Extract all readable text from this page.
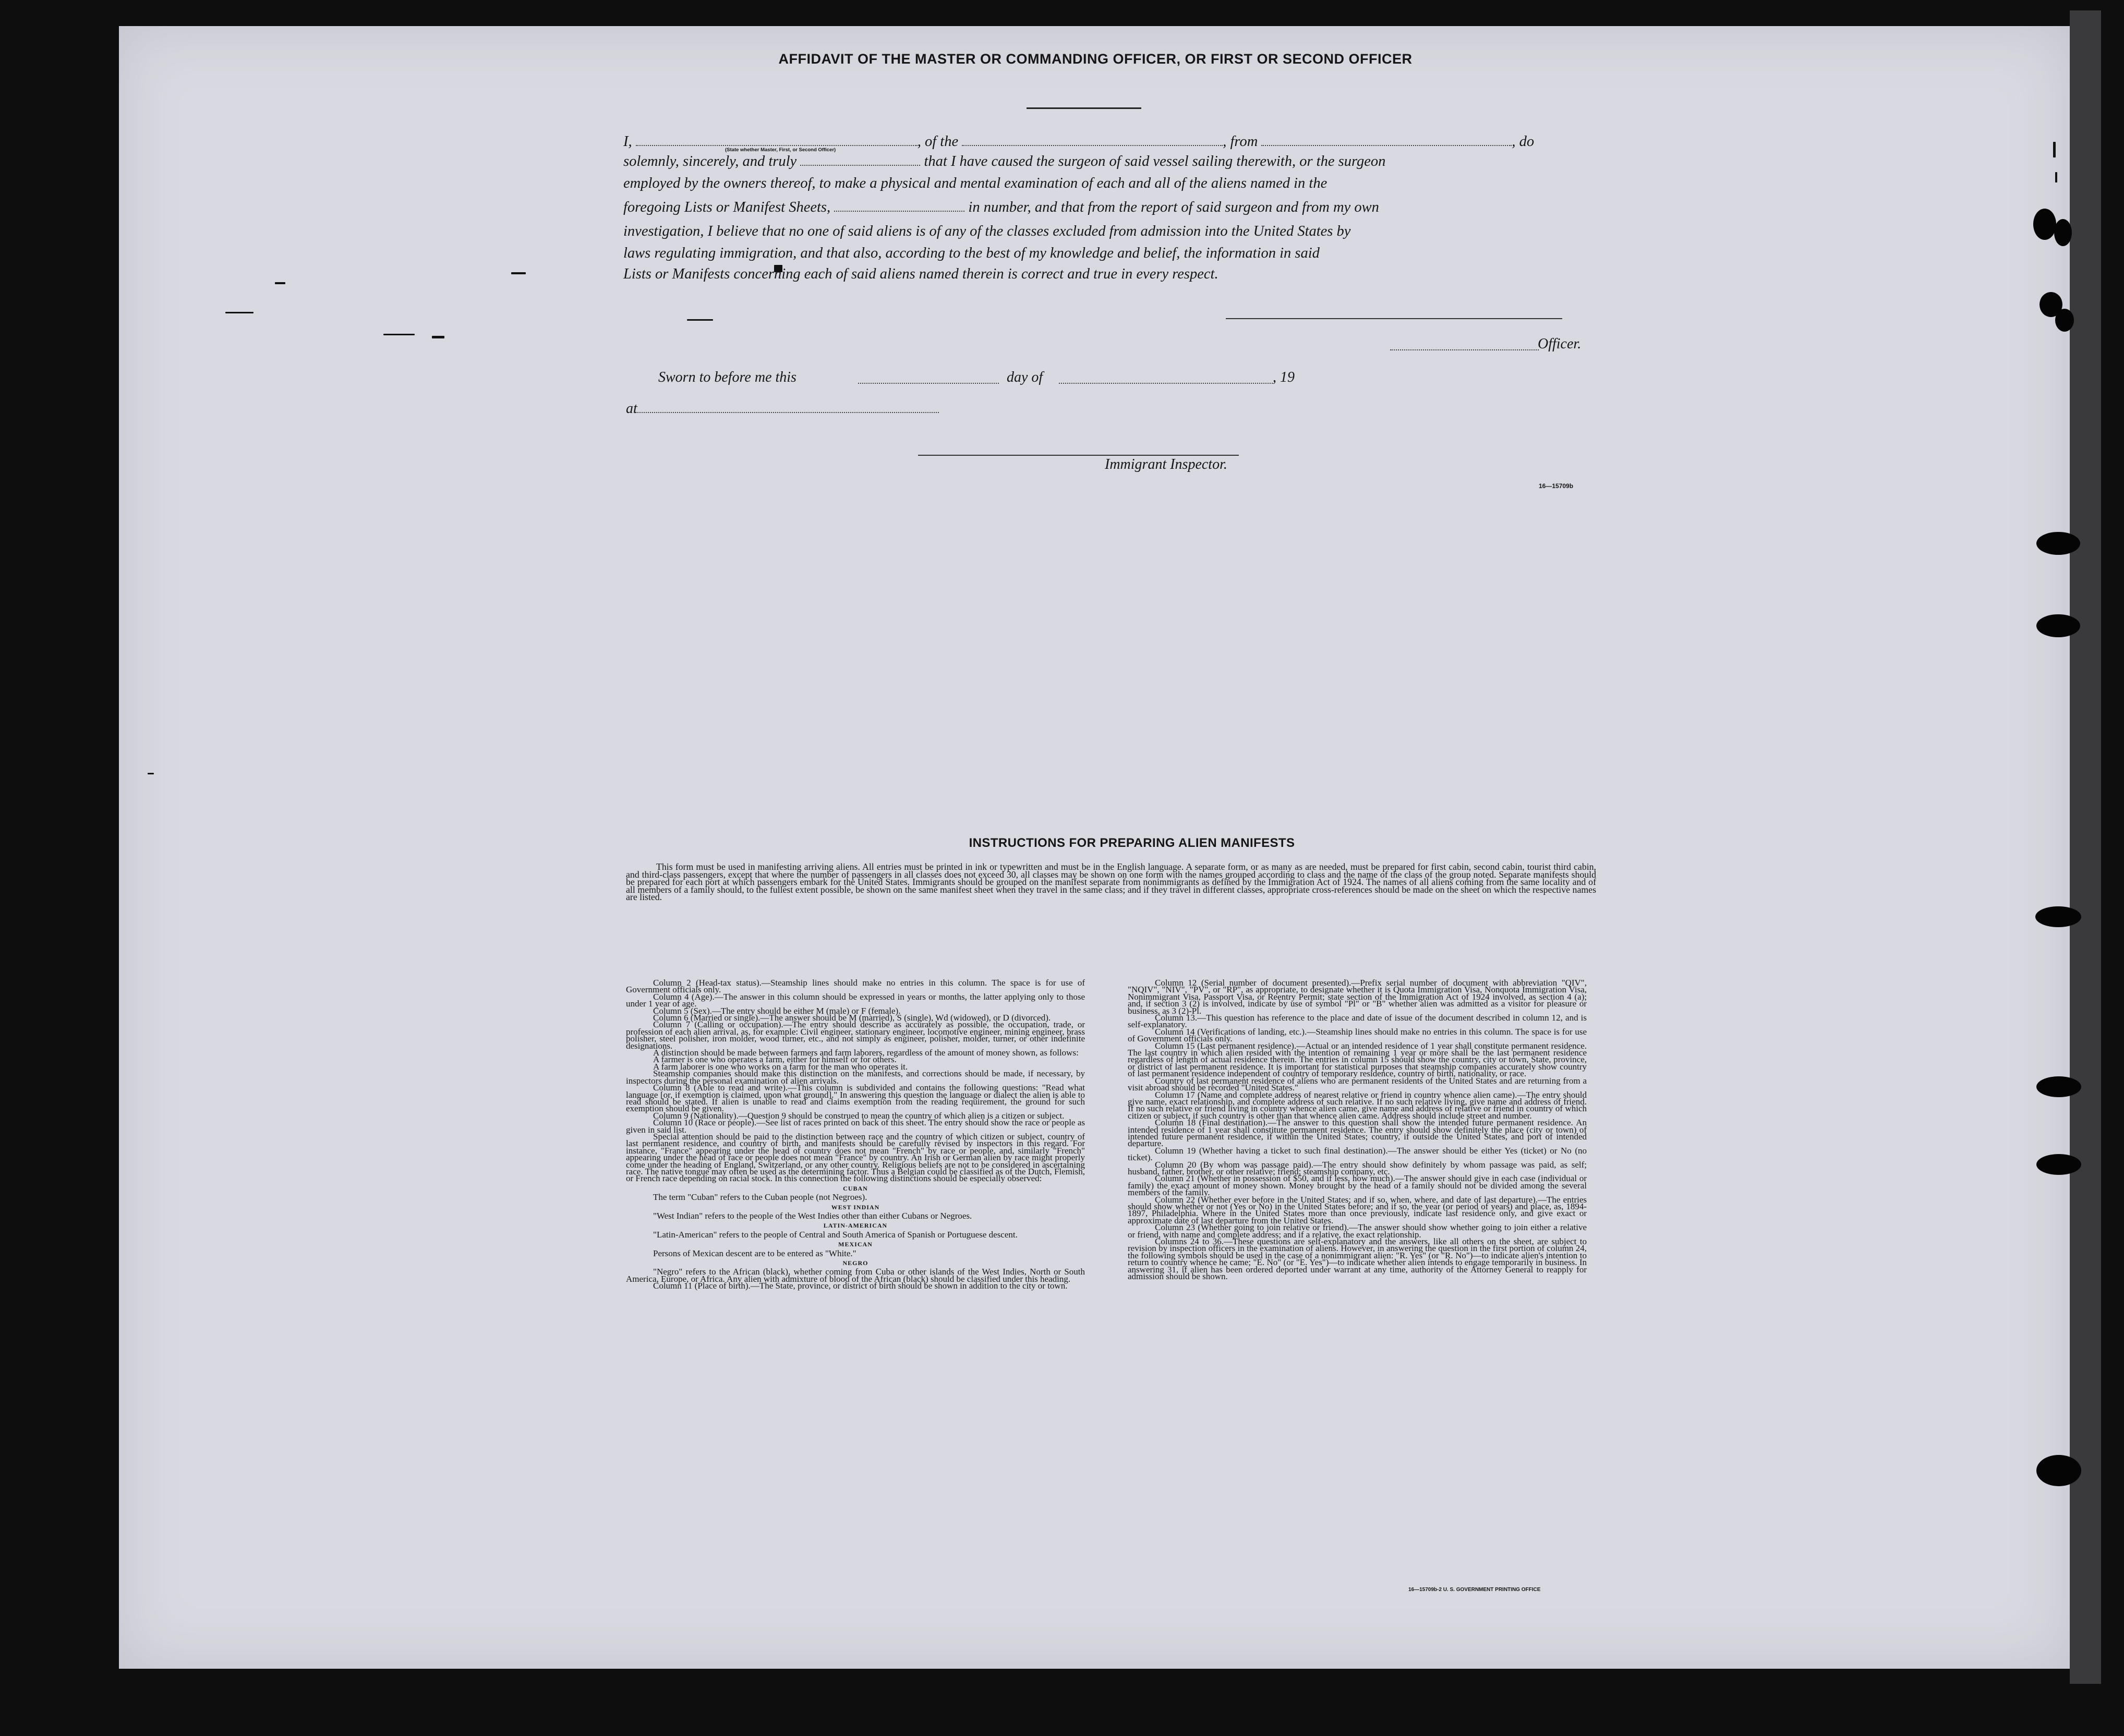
AFFIDAVIT OF THE MASTER OR COMMANDING OFFICER, OR FIRST OR SECOND OFFICER
I,	, of the	, from	, do
(State whether Master, First, or Second Officer)
solemnly, sincerely, and truly	that I have caused the surgeon of said vessel sailing therewith, or the surgeon
employed by the owners thereof, to make a physical and mental examination of each and all of the aliens named in the
foregoing Lists or Manifest Sheets,	in number, and that from the report of said surgeon and from my own
investigation, I believe that no one of said aliens is of any of the classes excluded from admission into the United States by
laws regulating immigration, and that also, according to the best of my knowledge and belief, the information in said
Lists or Manifests concerning each of said aliens named therein is correct and true in every respect.
Officer.
Sworn to before me this	day of	, 19
at
Immigrant Inspector.
16—15709b
INSTRUCTIONS FOR PREPARING ALIEN MANIFESTS
This form must be used in manifesting arriving aliens. All entries must be printed in ink or typewritten and must be in the English language. A separate form, or as many as are needed, must be prepared for first cabin, second cabin, tourist third cabin, and third-class passengers, except that where the number of passengers in all classes does not exceed 30, all classes may be shown on one form with the names grouped according to class and the name of the class of the group noted. Separate manifests should be prepared for each port at which passengers embark for the United States. Immigrants should be grouped on the manifest separate from nonimmigrants as defined by the Immigration Act of 1924. The names of all aliens coming from the same locality and of all members of a family should, to the fullest extent possible, be shown on the same manifest sheet when they travel in the same class; and if they travel in different classes, appropriate cross-references should be made on the sheet on which the respective names are listed.

Column 2 (Head-tax status).—Steamship lines should make no entries in this column. The space is for use of Government officials only.

Column 4 (Age).—The answer in this column should be expressed in years or months, the latter applying only to those under 1 year of age.

Column 5 (Sex).—The entry should be either M (male) or F (female).

Column 6 (Married or single).—The answer should be M (married), S (single), Wd (widowed), or D (divorced).

Column 7 (Calling or occupation).—The entry should describe as accurately as possible, the occupation, trade, or profession of each alien arrival, as, for example: Civil engineer, stationary engineer, locomotive engineer, mining engineer, brass polisher, steel polisher, iron molder, wood turner, etc., and not simply as engineer, polisher, molder, turner, or other indefinite designations.

A distinction should be made between farmers and farm laborers, regardless of the amount of money shown, as follows:

A farmer is one who operates a farm, either for himself or for others.

A farm laborer is one who works on a farm for the man who operates it.

Steamship companies should make this distinction on the manifests, and corrections should be made, if necessary, by inspectors during the personal examination of alien arrivals.

Column 8 (Able to read and write).—This column is subdivided and contains the following questions: "Read what language [or, if exemption is claimed, upon what ground]." In answering this question the language or dialect the alien is able to read should be stated. If alien is unable to read and claims exemption from the reading requirement, the ground for such exemption should be given.

Column 9 (Nationality).—Question 9 should be construed to mean the country of which alien is a citizen or subject.

Column 10 (Race or people).—See list of races printed on back of this sheet. The entry should show the race or people as given in said list.

Special attention should be paid to the distinction between race and the country of which citizen or subject, country of last permanent residence, and country of birth, and manifests should be carefully revised by inspectors in this regard. For instance, "France" appearing under the head of country does not mean "French" by race or people, and, similarly "French" appearing under the head of race or people does not mean "France" by country. An Irish or German alien by race might properly come under the heading of England, Switzerland, or any other country. Religious beliefs are not to be considered in ascertaining race. The native tongue may often be used as the determining factor. Thus a Belgian could be classified as of the Dutch, Flemish, or French race depending on racial stock. In this connection the following distinctions should be especially observed:

CUBAN

The term "Cuban" refers to the Cuban people (not Negroes).

WEST INDIAN

"West Indian" refers to the people of the West Indies other than either Cubans or Negroes.

LATIN-AMERICAN

"Latin-American" refers to the people of Central and South America of Spanish or Portuguese descent.

MEXICAN

Persons of Mexican descent are to be entered as "White."

NEGRO

"Negro" refers to the African (black), whether coming from Cuba or other islands of the West Indies, North or South America, Europe, or Africa. Any alien with admixture of blood of the African (black) should be classified under this heading.

Column 11 (Place of birth).—The State, province, or district of birth should be shown in addition to the city or town.

Column 12 (Serial number of document presented).—Prefix serial number of document with abbreviation "QIV", "NQIV", "NIV", "PV", or "RP", as appropriate, to designate whether it is Quota Immigration Visa, Nonquota Immigration Visa, Nonimmigrant Visa, Passport Visa, or Reentry Permit; state section of the Immigration Act of 1924 involved, as section 4 (a); and, if section 3 (2) is involved, indicate by use of symbol "Pl" or "B" whether alien was admitted as a visitor for pleasure or business, as 3 (2)-Pl.

Column 13.—This question has reference to the place and date of issue of the document described in column 12, and is self-explanatory.

Column 14 (Verifications of landing, etc.).—Steamship lines should make no entries in this column. The space is for use of Government officials only.

Column 15 (Last permanent residence).—Actual or an intended residence of 1 year shall constitute permanent residence. The last country in which alien resided with the intention of remaining 1 year or more shall be the last permanent residence regardless of length of actual residence therein. The entries in column 15 should show the country, city or town, State, province, or district of last permanent residence. It is important for statistical purposes that steamship companies accurately show country of last permanent residence independent of country of temporary residence, country of birth, nationality, or race.

Country of last permanent residence of aliens who are permanent residents of the United States and are returning from a visit abroad should be recorded "United States."

Column 17 (Name and complete address of nearest relative or friend in country whence alien came).—The entry should give name, exact relationship, and complete address of such relative. If no such relative living, give name and address of friend. If no such relative or friend living in country whence alien came, give name and address of relative or friend in country of which citizen or subject, if such country is other than that whence alien came. Address should include street and number.

Column 18 (Final destination).—The answer to this question shall show the intended future permanent residence. An intended residence of 1 year shall constitute permanent residence. The entry should show definitely the place (city or town) of intended future permanent residence, if within the United States; country, if outside the United States, and port of intended departure.

Column 19 (Whether having a ticket to such final destination).—The answer should be either Yes (ticket) or No (no ticket).

Column 20 (By whom was passage paid).—The entry should show definitely by whom passage was paid, as self; husband, father, brother, or other relative; friend; steamship company, etc.

Column 21 (Whether in possession of $50, and if less, how much).—The answer should give in each case (individual or family) the exact amount of money shown. Money brought by the head of a family should not be divided among the several members of the family.

Column 22 (Whether ever before in the United States; and if so, when, where, and date of last departure).—The entries should show whether or not (Yes or No) in the United States before; and if so, the year (or period of years) and place, as, 1894-1897, Philadelphia. Where in the United States more than once previously, indicate last residence only, and give exact or approximate date of last departure from the United States.

Column 23 (Whether going to join relative or friend).—The answer should show whether going to join either a relative or friend, with name and complete address; and if a relative, the exact relationship.

Columns 24 to 36.—These questions are self-explanatory and the answers, like all others on the sheet, are subject to revision by inspection officers in the examination of aliens. However, in answering the question in the first portion of column 24, the following symbols should be used in the case of a nonimmigrant alien: "R. Yes" (or "R. No")—to indicate alien's intention to return to country whence he came; "E. No" (or "E. Yes")—to indicate whether alien intends to engage temporarily in business. In answering 31, if alien has been ordered deported under warrant at any time, authority of the Attorney General to reapply for admission should be shown.

16—15709b-2 U. S. GOVERNMENT PRINTING OFFICE
